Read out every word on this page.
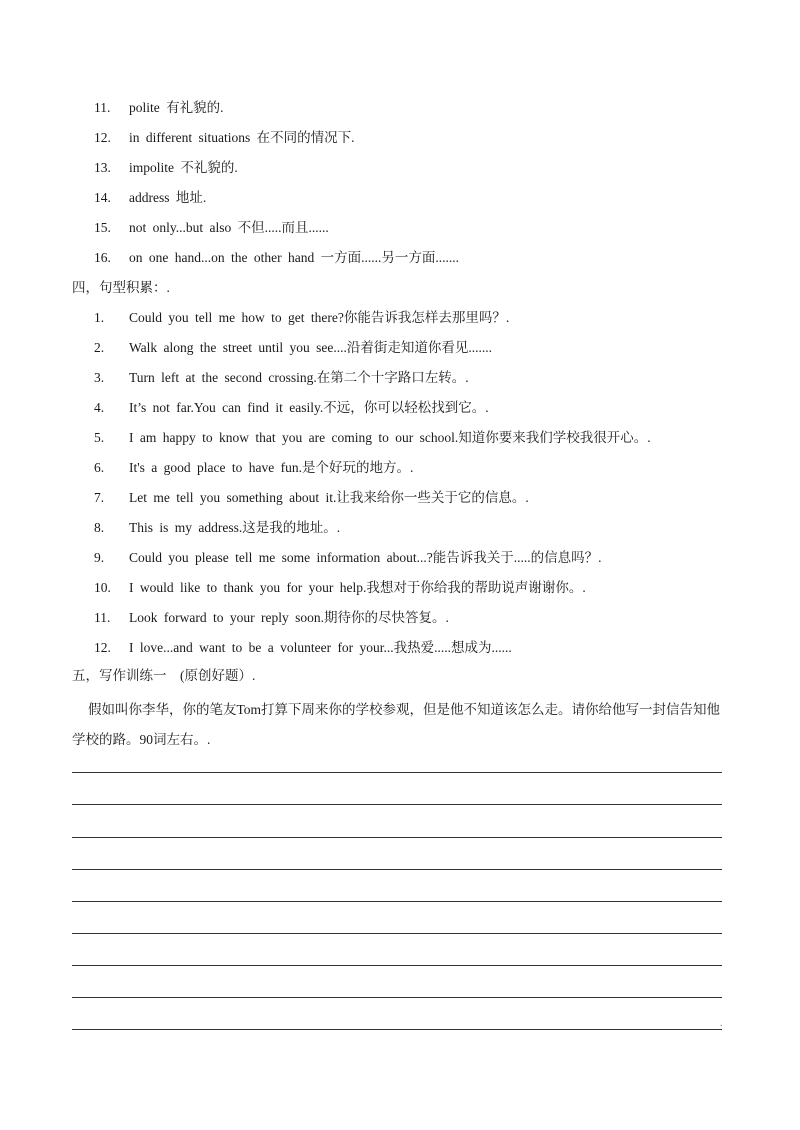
11. polite 有礼貌的.
12. in different situations 在不同的情况下.
13. impolite 不礼貌的.
14. address 地址.
15. not only...but also 不但.....而且......
16. on one hand...on the other hand 一方面......另一方面.......
四，句型积累：.
1. Could you tell me how to get there?你能告诉我怎样去那里吗？.
2. Walk along the street until you see....沿着街走知道你看见.......
3. Turn left at the second crossing.在第二个十字路口左转。.
4. It’s not far.You can find it easily.不远，你可以轻松找到它。.
5. I am happy to know that you are coming to our school.知道你要来我们学校我很开心。.
6. It's a good place to have fun.是个好玩的地方。.
7. Let me tell you something about it.让我来给你一些关于它的信息。.
8. This is my address.这是我的地址。.
9. Could you please tell me some information about...?能告诉我关于.....的信息吗？.
10. I would like to thank you for your help.我想对于你给我的帮助说声谢谢你。.
11. Look forward to your reply soon.期待你的尽快答复。.
12. I love...and want to be a volunteer for your...我热爱.....想成为......
五，写作训练一　(原创好题）.
假如叫你李华，你的笔友Tom打算下周来你的学校参观，但是他不知道该怎么走。请你给他写一封信告知他学校的路。90词左右。.
.
